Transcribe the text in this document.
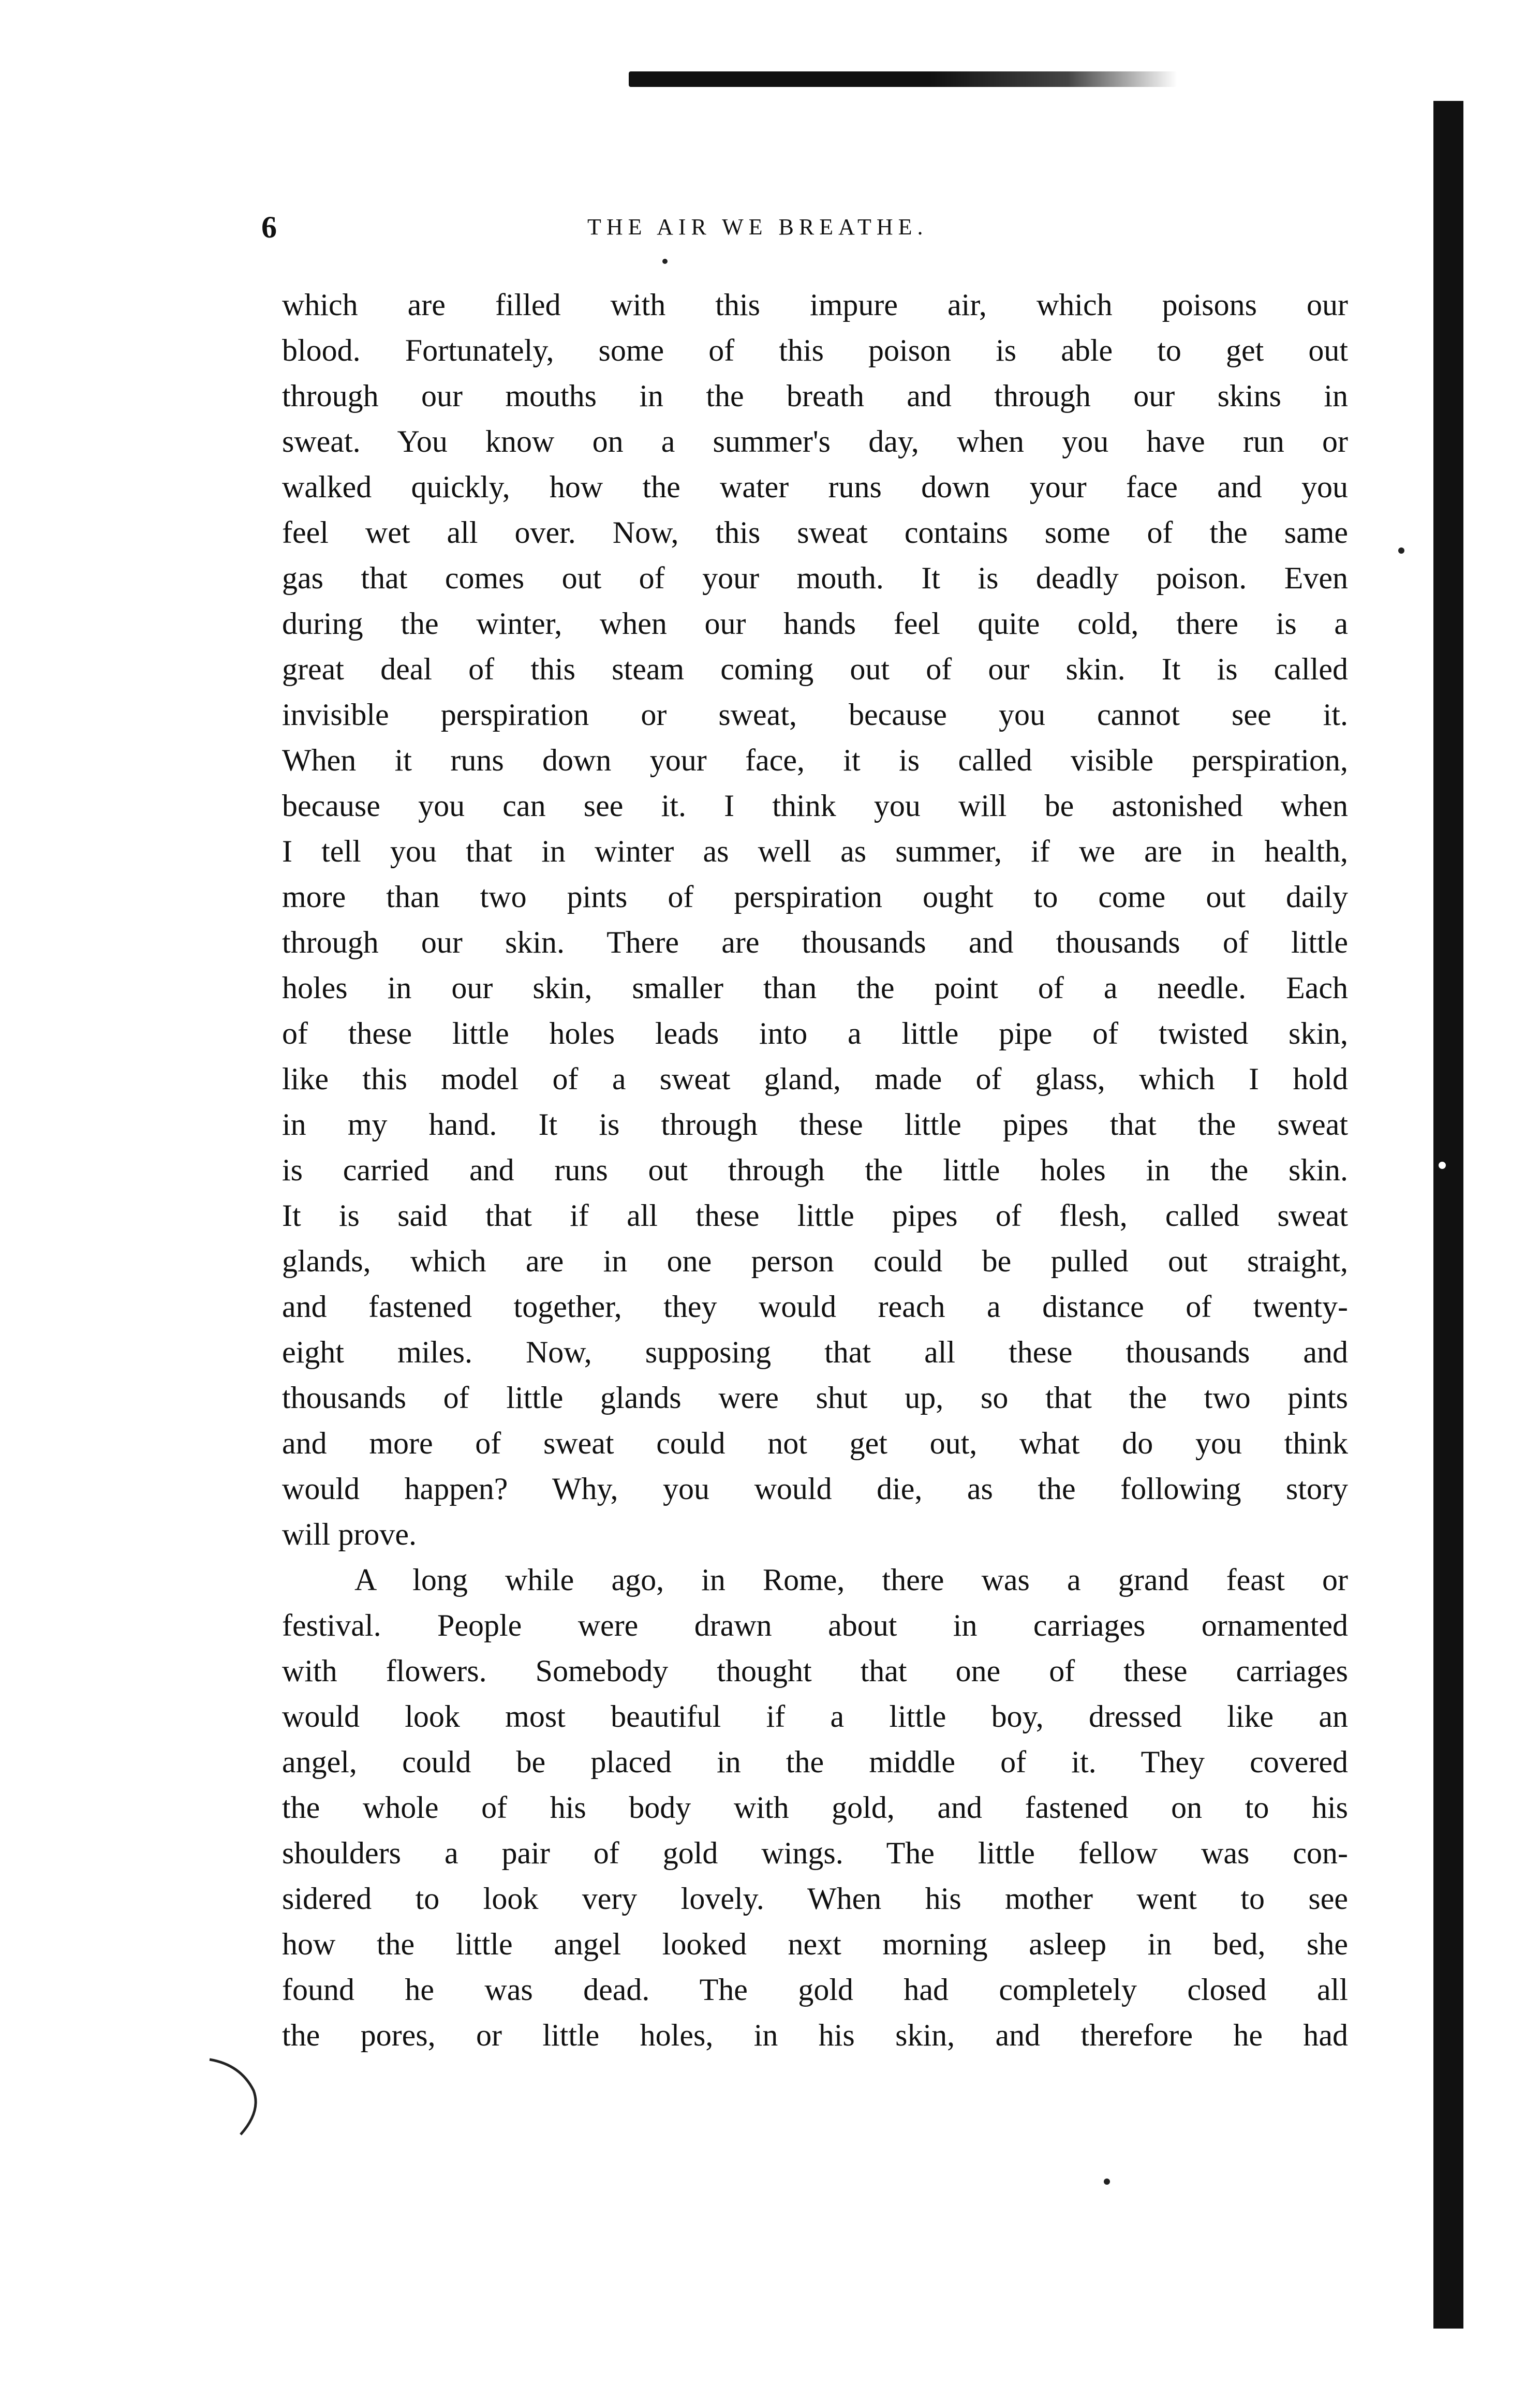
6	THE AIR WE BREATHE.
which are filled with this impure air, which poisons our
blood. Fortunately, some of this poison is able to get out
through our mouths in the breath and through our skins in
sweat. You know on a summer's day, when you have run or
walked quickly, how the water runs down your face and you
feel wet all over. Now, this sweat contains some of the same
gas that comes out of your mouth. It is deadly poison. Even
during the winter, when our hands feel quite cold, there is a
great deal of this steam coming out of our skin. It is called
invisible perspiration or sweat, because you cannot see it.
When it runs down your face, it is called visible perspiration,
because you can see it. I think you will be astonished when
I tell you that in winter as well as summer, if we are in health,
more than two pints of perspiration ought to come out daily
through our skin. There are thousands and thousands of little
holes in our skin, smaller than the point of a needle. Each
of these little holes leads into a little pipe of twisted skin,
like this model of a sweat gland, made of glass, which I hold
in my hand. It is through these little pipes that the sweat
is carried and runs out through the little holes in the skin.
It is said that if all these little pipes of flesh, called sweat
glands, which are in one person could be pulled out straight,
and fastened together, they would reach a distance of twenty-
eight miles. Now, supposing that all these thousands and
thousands of little glands were shut up, so that the two pints
and more of sweat could not get out, what do you think
would happen? Why, you would die, as the following story
will prove.
A long while ago, in Rome, there was a grand feast or
festival. People were drawn about in carriages ornamented
with flowers. Somebody thought that one of these carriages
would look most beautiful if a little boy, dressed like an
angel, could be placed in the middle of it. They covered
the whole of his body with gold, and fastened on to his
shoulders a pair of gold wings. The little fellow was con-
sidered to look very lovely. When his mother went to see
how the little angel looked next morning asleep in bed, she
found he was dead. The gold had completely closed all
the pores, or little holes, in his skin, and therefore he had
